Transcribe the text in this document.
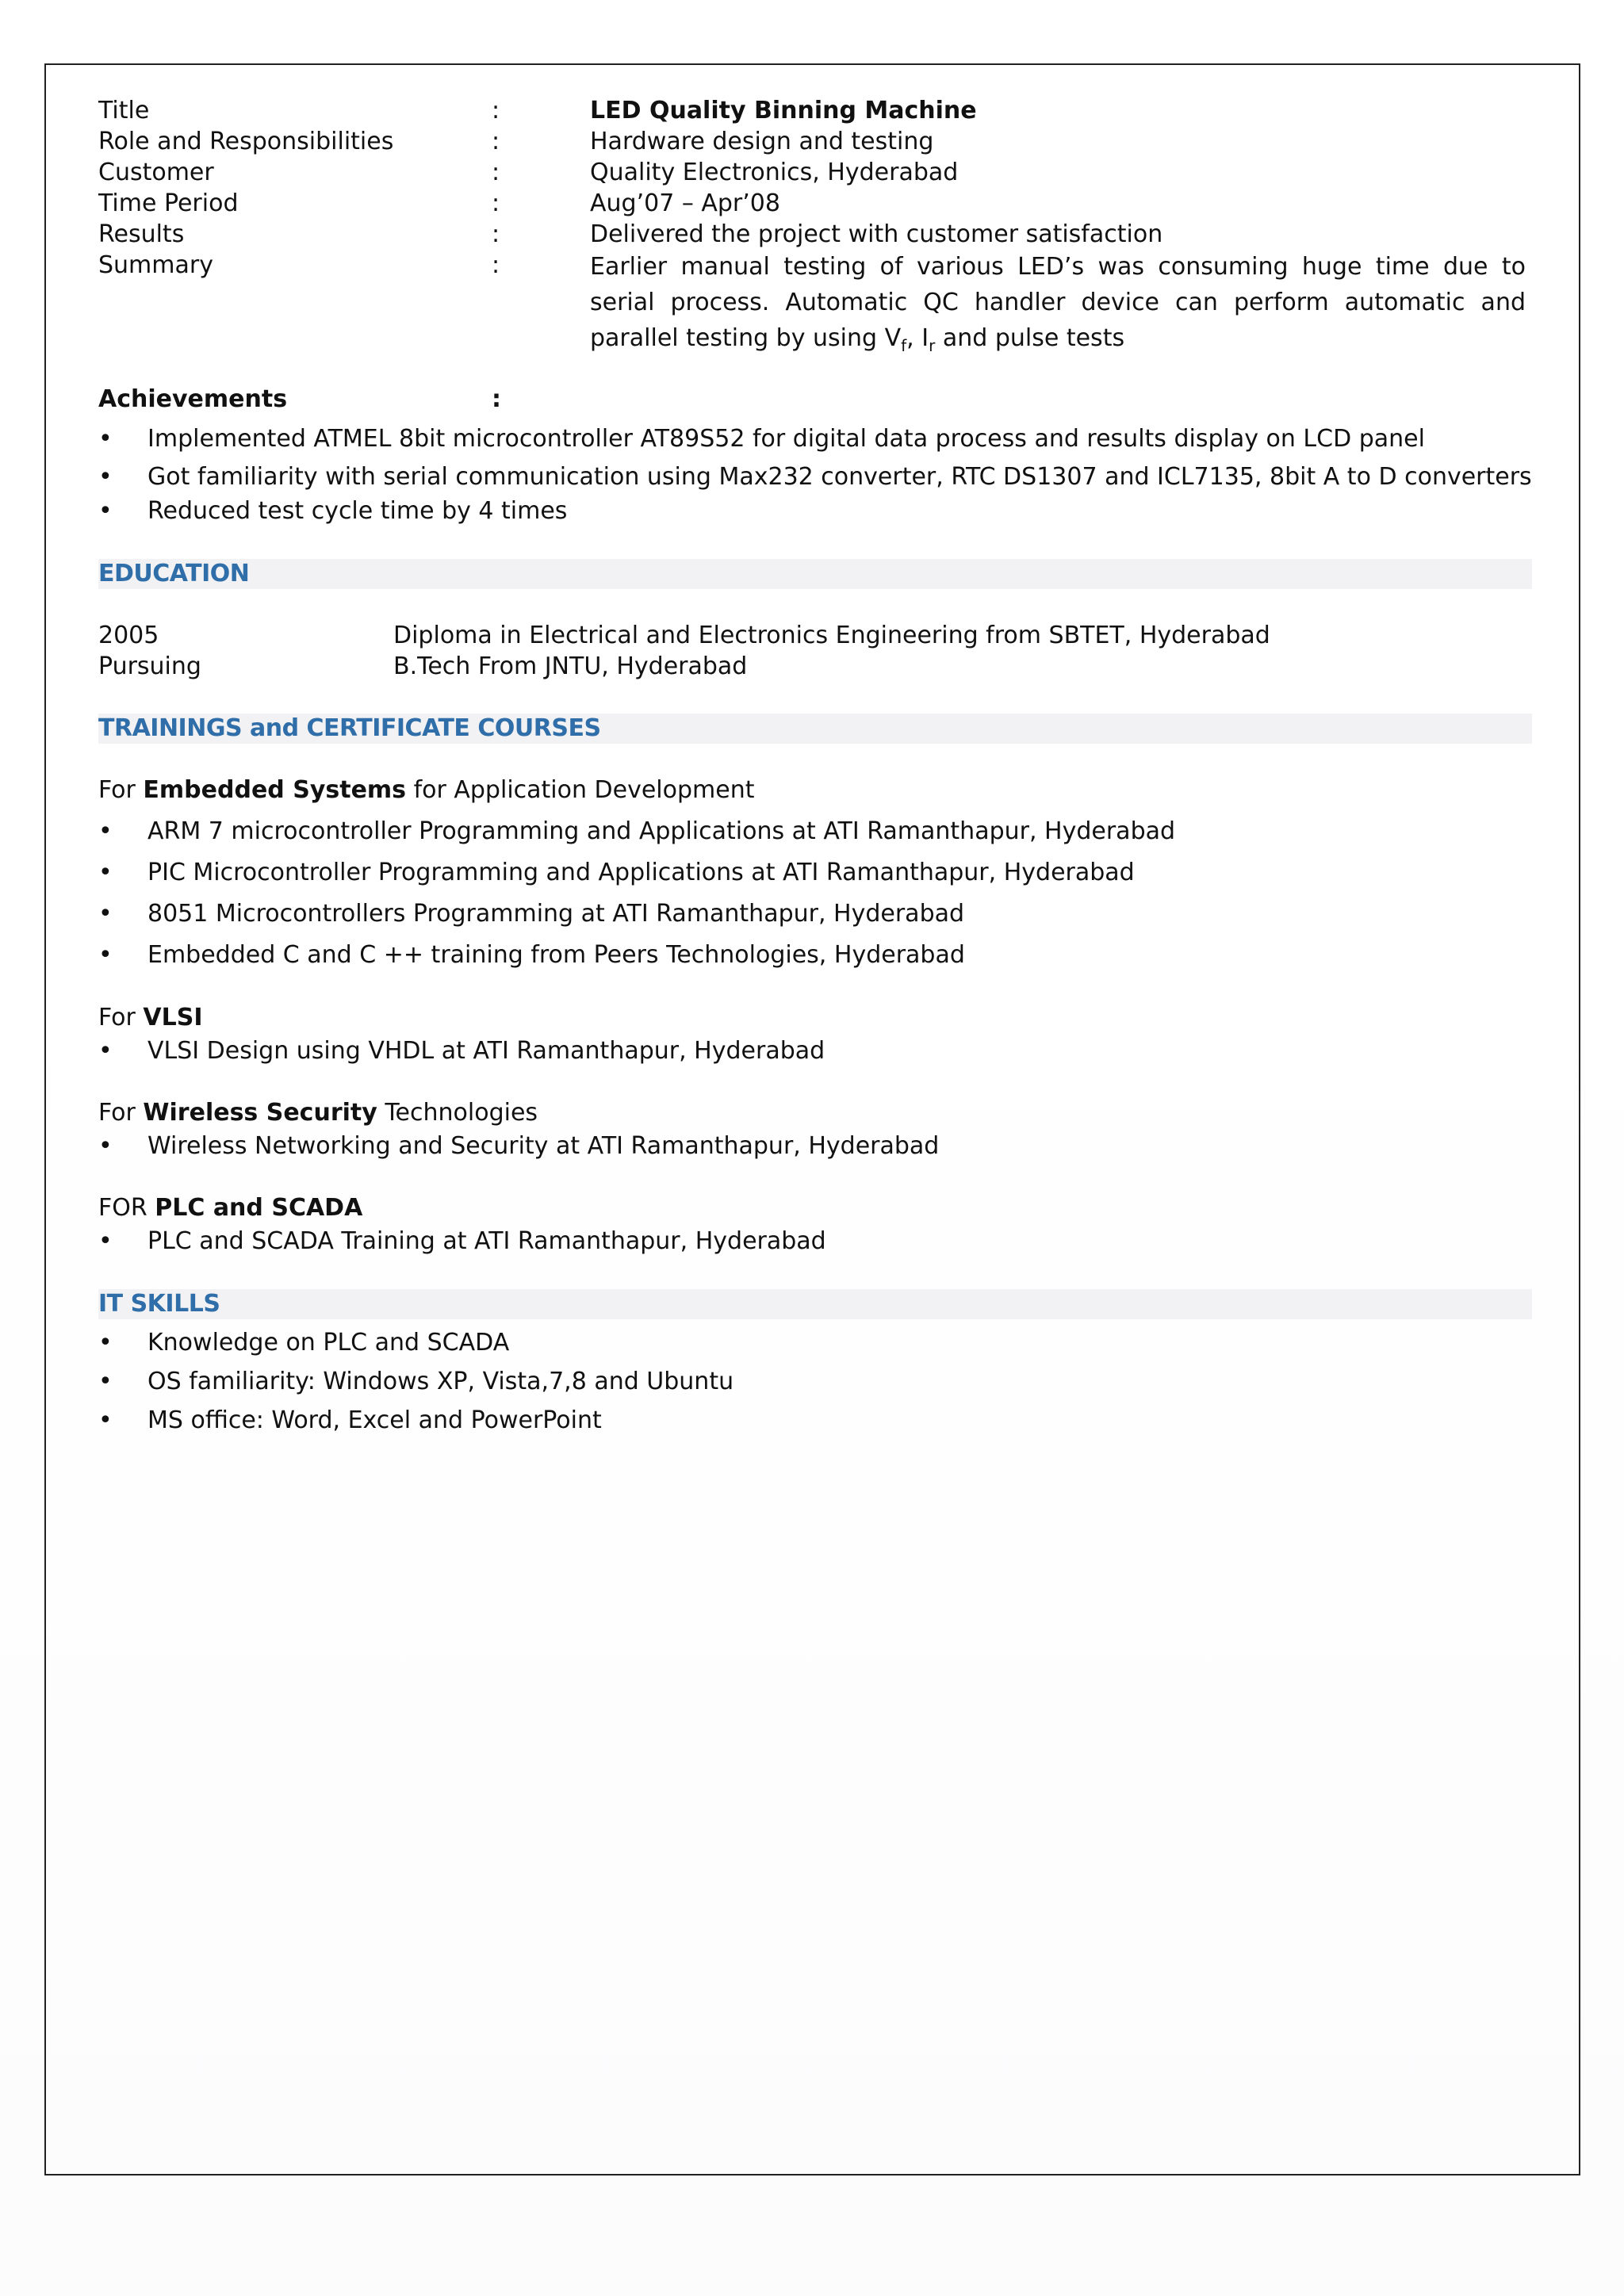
Title	:	LED Quality Binning Machine
Role and Responsibilities	:	Hardware design and testing
Customer	:	Quality Electronics, Hyderabad
Time Period	:	Aug’07 – Apr’08
Results	:	Delivered the project with customer satisfaction
Summary	:	Earlier manual testing of various LED’s was consuming huge time due to serial process. Automatic QC handler device can perform automatic and parallel testing by using $V_f$, $I_r$ and pulse tests
Achievements	:
• Implemented ATMEL 8bit microcontroller AT89S52 for digital data process and results display on LCD panel
• Got familiarity with serial communication using Max232 converter, RTC DS1307 and ICL7135, 8bit A to D converters
• Reduced test cycle time by 4 times
EDUCATION
2005	Diploma in Electrical and Electronics Engineering from SBTET, Hyderabad
Pursuing	B.Tech From JNTU, Hyderabad
TRAININGS and CERTIFICATE COURSES
For Embedded Systems for Application Development
• ARM 7 microcontroller Programming and Applications at ATI Ramanthapur, Hyderabad
• PIC Microcontroller Programming and Applications at ATI Ramanthapur, Hyderabad
• 8051 Microcontrollers Programming at ATI Ramanthapur, Hyderabad
• Embedded C and C ++ training from Peers Technologies, Hyderabad
For VLSI
• VLSI Design using VHDL at ATI Ramanthapur, Hyderabad
For Wireless Security Technologies
• Wireless Networking and Security at ATI Ramanthapur, Hyderabad
FOR PLC and SCADA
• PLC and SCADA Training at ATI Ramanthapur, Hyderabad
IT SKILLS
• Knowledge on PLC and SCADA
• OS familiarity: Windows XP, Vista,7,8 and Ubuntu
• MS office: Word, Excel and PowerPoint
